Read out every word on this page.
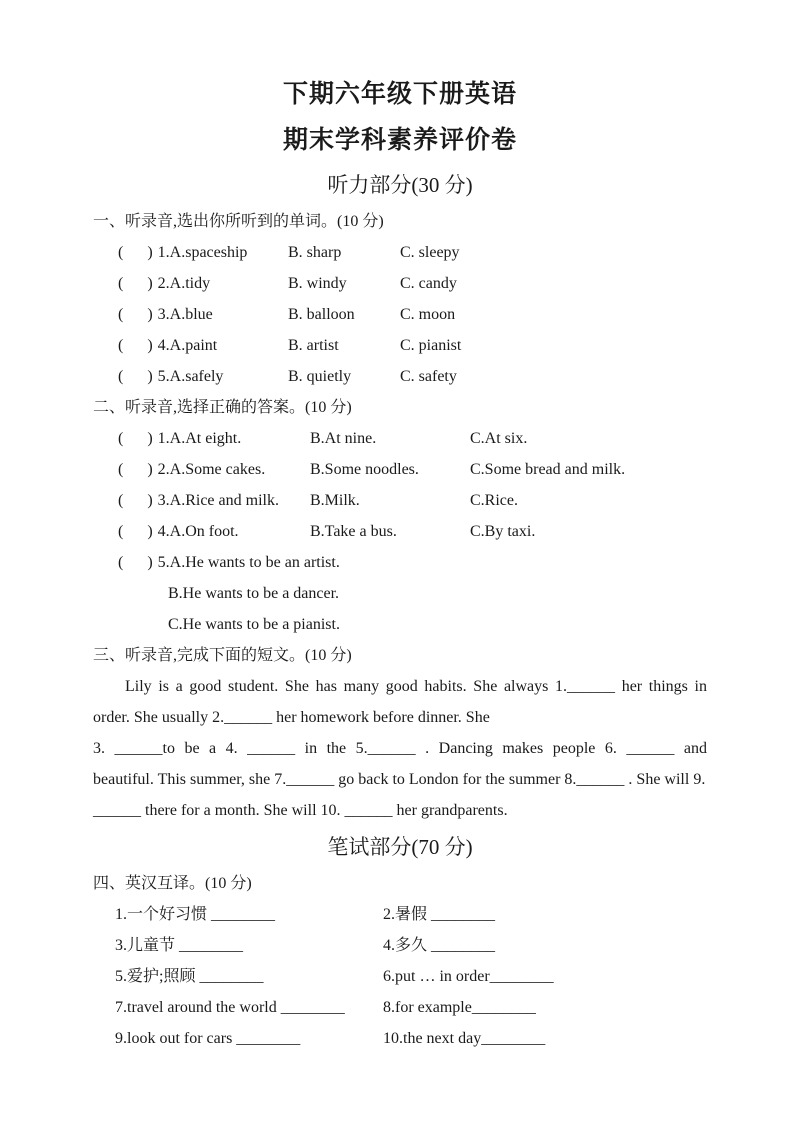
下期六年级下册英语
期末学科素养评价卷
听力部分(30 分)
一、听录音,选出你所听到的单词。(10 分)
(      ) 1.A.spaceship	B. sharp	C. sleepy
(      ) 2.A.tidy	B. windy	C. candy
(      ) 3.A.blue	B. balloon	C. moon
(      ) 4.A.paint	B. artist	C. pianist
(      ) 5.A.safely	B. quietly	C. safety
二、听录音,选择正确的答案。(10 分)
(      ) 1.A.At eight.	B.At nine.	C.At six.
(      ) 2.A.Some cakes.	B.Some noodles.	C.Some bread and milk.
(      ) 3.A.Rice and milk.	B.Milk.	C.Rice.
(      ) 4.A.On foot.	B.Take a bus.	C.By taxi.
(      ) 5.A.He wants to be an artist.
B.He wants to be a dancer.
C.He wants to be a pianist.
三、听录音,完成下面的短文。(10 分)
Lily is a good student. She has many good habits. She always 1.______ her things in
order. She usually 2.______ her homework before dinner. She
3. ______to be a 4. ______ in the 5.______ . Dancing makes people 6. ______ and
beautiful. This summer, she 7.______ go back to London for the summer 8.______ . She will 9.
______ there for a month. She will 10. ______ her grandparents.
笔试部分(70 分)
四、英汉互译。(10 分)
1.一个好习惯 ________	2.暑假 ________
3.儿童节 ________	4.多久 ________
5.爱护;照顾 ________	6.put … in order________
7.travel around the world ________	8.for example________
9.look out for cars ________	10.the next day________
